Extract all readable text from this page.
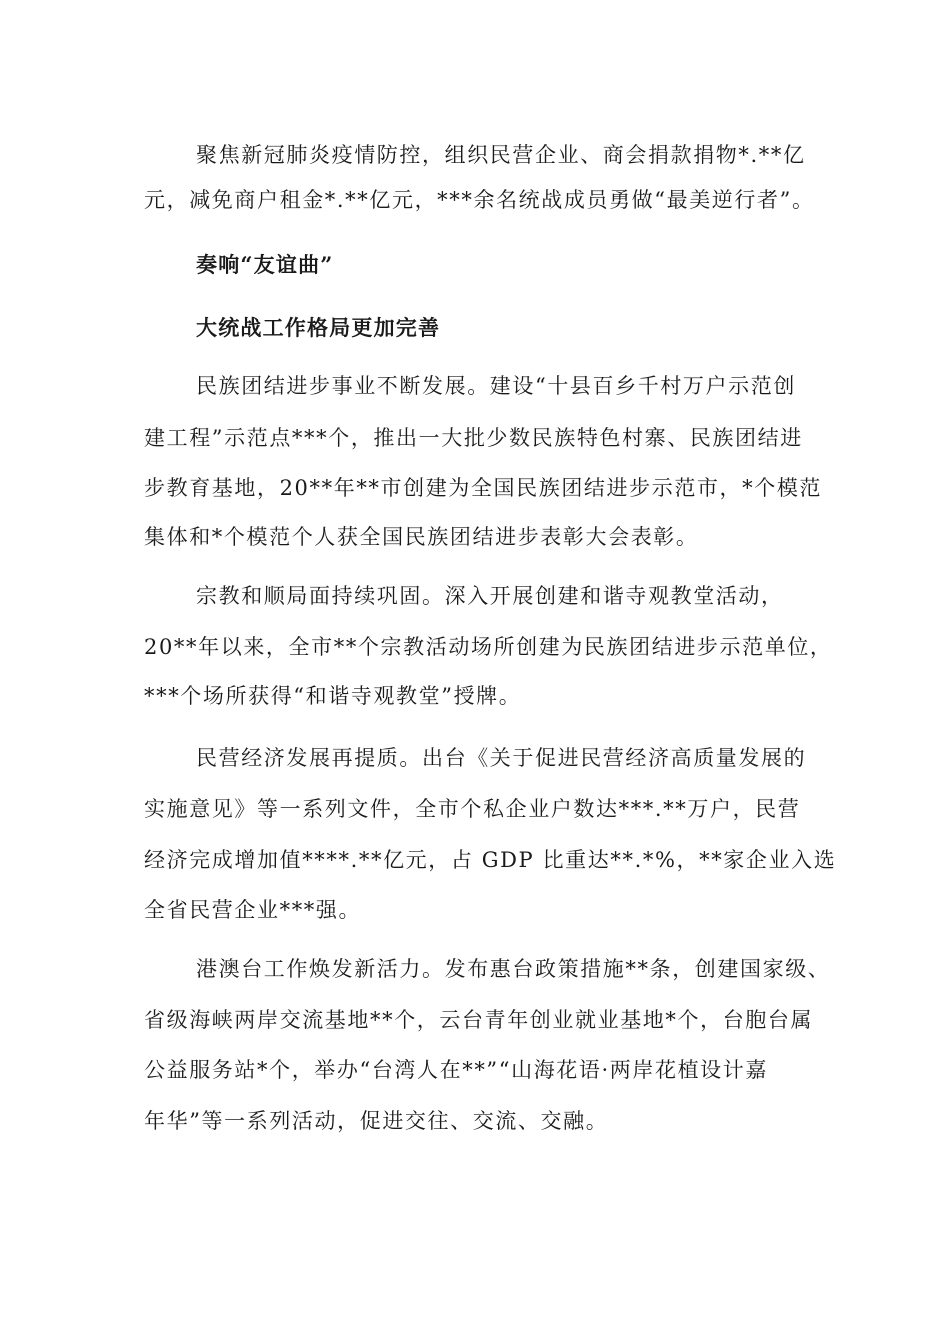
聚焦新冠肺炎疫情防控，组织民营企业、商会捐款捐物*.**亿
元，减免商户租金*.**亿元，***余名统战成员勇做“最美逆行者”。
奏响“友谊曲”
大统战工作格局更加完善
民族团结进步事业不断发展。建设“十县百乡千村万户示范创
建工程”示范点***个，推出一大批少数民族特色村寨、民族团结进
步教育基地，20**年**市创建为全国民族团结进步示范市，*个模范
集体和*个模范个人获全国民族团结进步表彰大会表彰。
宗教和顺局面持续巩固。深入开展创建和谐寺观教堂活动，
20**年以来，全市**个宗教活动场所创建为民族团结进步示范单位，
***个场所获得“和谐寺观教堂”授牌。
民营经济发展再提质。出台《关于促进民营经济高质量发展的
实施意见》等一系列文件，全市个私企业户数达***.**万户，民营
经济完成增加值****.**亿元，占 GDP 比重达**.*%，**家企业入选
全省民营企业***强。
港澳台工作焕发新活力。发布惠台政策措施**条，创建国家级、
省级海峡两岸交流基地**个，云台青年创业就业基地*个，台胞台属
公益服务站*个，举办“台湾人在**”“山海花语·两岸花植设计嘉
年华”等一系列活动，促进交往、交流、交融。
